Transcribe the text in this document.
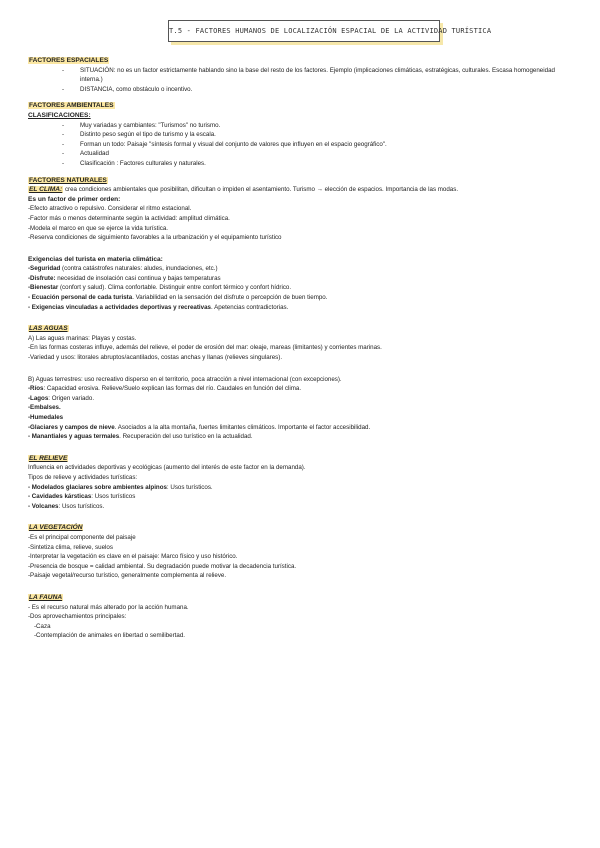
T.5 - FACTORES HUMANOS DE LOCALIZACIÓN ESPACIAL DE LA ACTIVIDAD TURÍSTICA
FACTORES ESPACIALES
- SITUACIÓN: no es un factor estrictamente hablando sino la base del resto de los factores. Ejemplo (implicaciones climáticas, estratégicas, culturales. Escasa homogeneidad interna.)
- DISTANCIA, como obstáculo o incentivo.
FACTORES AMBIENTALES
CLASIFICACIONES:
- Muy variadas y cambiantes: "Turismos" no turismo.
- Distinto peso según el tipo de turismo y la escala.
- Forman un todo: Paisaje "síntesis formal y visual del conjunto de valores que influyen en el espacio geográfico".
- Actualidad
- Clasificación : Factores culturales y naturales.
FACTORES NATURALES
EL CLIMA: crea condiciones ambientales que posibilitan, dificultan o impiden el asentamiento. Turismo → elección de espacios. Importancia de las modas.
Es un factor de primer orden:
-Efecto atractivo o repulsivo. Considerar el ritmo estacional.
-Factor más o menos determinante según la actividad: amplitud climática.
-Modela el marco en que se ejerce la vida turística.
-Reserva condiciones de siguimiento favorables a la urbanización y el equipamiento turístico
Exigencias del turista en materia climática:
-Seguridad (contra catástrofes naturales: aludes, inundaciones, etc.)
-Disfrute: necesidad de insolación casi continua y bajas temperaturas
-Bienestar (confort y salud). Clima confortable. Distinguir entre confort térmico y confort hídrico.
- Ecuación personal de cada turista. Variabilidad en la sensación del disfrute o percepción de buen tiempo.
- Exigencias vinculadas a actividades deportivas y recreativas. Apetencias contradictorias.
LAS AGUAS
A) Las aguas marinas: Playas y costas.
-En las formas costeras influye, además del relieve, el poder de erosión del mar: oleaje, mareas (limitantes) y corrientes marinas.
-Variedad y usos: litorales abruptos/acantilados, costas anchas y llanas (relieves singulares).
B) Aguas terrestres: uso recreativo disperso en el territorio, poca atracción a nivel internacional (con excepciones).
-Ríos: Capacidad erosiva. Relieve/Suelo explican las formas del río. Caudales en función del clima.
-Lagos: Origen variado.
-Embalses.
-Humedales
-Glaciares y campos de nieve. Asociados a la alta montaña, fuertes limitantes climáticos. Importante el factor accesibilidad.
- Manantiales y aguas termales. Recuperación del uso turístico en la actualidad.
EL RELIEVE
Influencia en actividades deportivas y ecológicas (aumento del interés de este factor en la demanda).
Tipos de relieve y actividades turísticas:
- Modelados glaciares sobre ambientes alpinos: Usos turísticos.
- Cavidades kársticas: Usos turísticos
- Volcanes: Usos turísticos.
LA VEGETACIÓN
-Es el principal componente del paisaje
-Sintetiza clima, relieve, suelos
-Interpretar la vegetación es clave en el paisaje: Marco físico y uso histórico.
-Presencia de bosque = calidad ambiental. Su degradación puede motivar la decadencia turística.
-Paisaje vegetal/recurso turístico, generalmente complementa al relieve.
LA FAUNA
- Es el recurso natural más alterado por la acción humana.
-Dos aprovechamientos principales:
-Caza
-Contemplación de animales en libertad o semilibertad.
